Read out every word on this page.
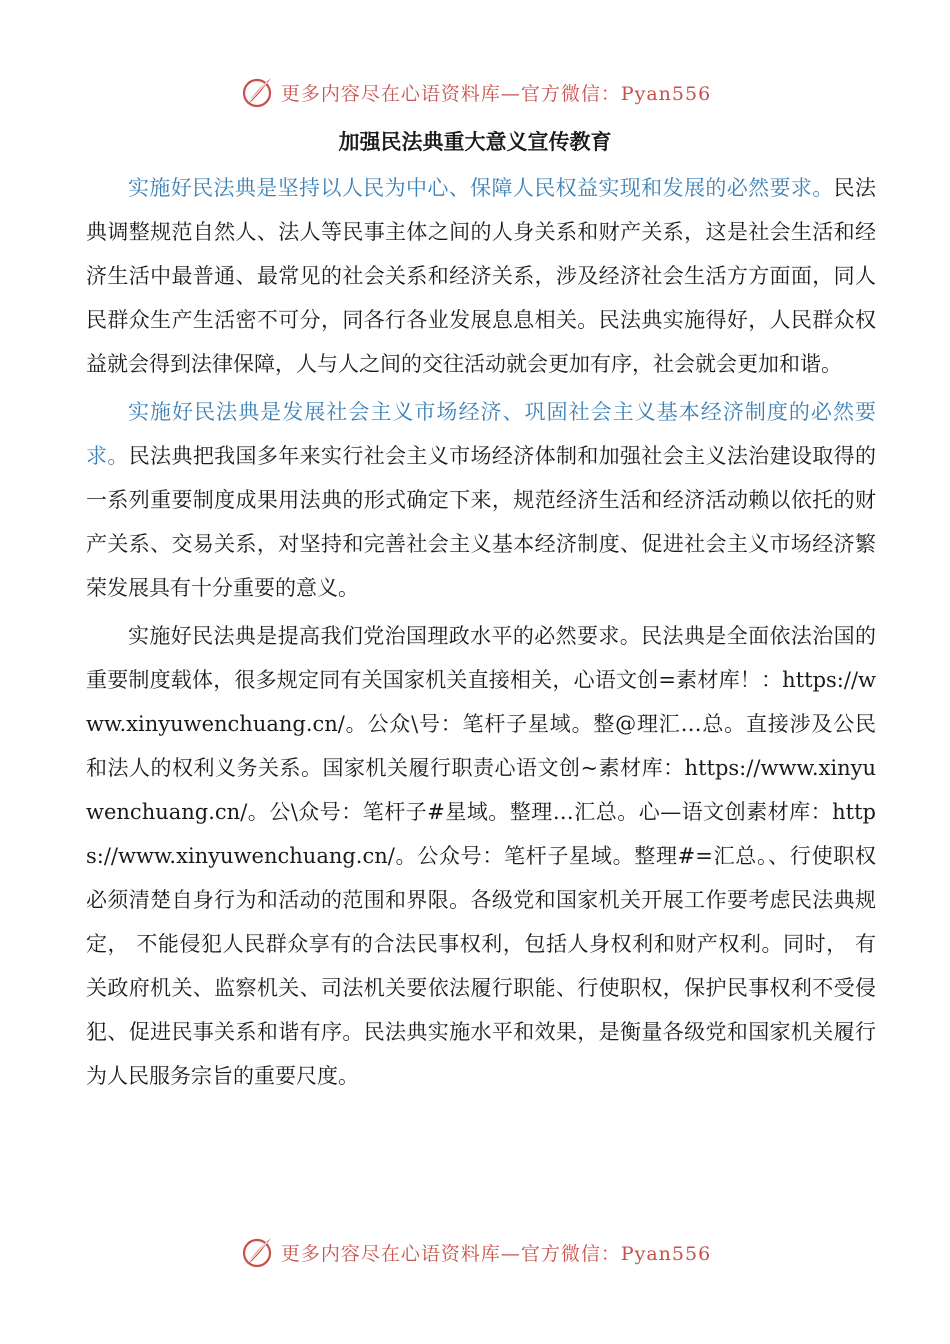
更多内容尽在心语资料库—官方微信：Pyan556
加强民法典重大意义宣传教育

实施好民法典是坚持以人民为中心、保障人民权益实现和发展的必然要求。民法典调整规范自然人、法人等民事主体之间的人身关系和财产关系，这是社会生活和经济生活中最普通、最常见的社会关系和经济关系，涉及经济社会生活方方面面，同人民群众生产生活密不可分，同各行各业发展息息相关。民法典实施得好，人民群众权益就会得到法律保障，人与人之间的交往活动就会更加有序，社会就会更加和谐。

实施好民法典是发展社会主义市场经济、巩固社会主义基本经济制度的必然要求。民法典把我国多年来实行社会主义市场经济体制和加强社会主义法治建设取得的一系列重要制度成果用法典的形式确定下来，规范经济生活和经济活动赖以依托的财产关系、交易关系，对坚持和完善社会主义基本经济制度、促进社会主义市场经济繁荣发展具有十分重要的意义。

实施好民法典是提高我们党治国理政水平的必然要求。民法典是全面依法治国的重要制度载体，很多规定同有关国家机关直接相关，心语文创=素材库！：https://www.xinyuwenchuang.cn/。公众\号：笔杆子星域。整@理汇…总。直接涉及公民和法人的权利义务关系。国家机关履行职责心语文创~素材库：https://www.xinyuwenchuang.cn/。公\众号：笔杆子#星域。整理…汇总。心—语文创素材库：https://www.xinyuwenchuang.cn/。公众号：笔杆子星域。整理#=汇总。、行使职权必须清楚自身行为和活动的范围和界限。各级党和国家机关开展工作要考虑民法典规定， 不能侵犯人民群众享有的合法民事权利，包括人身权利和财产权利。同时， 有关政府机关、监察机关、司法机关要依法履行职能、行使职权，保护民事权利不受侵犯、促进民事关系和谐有序。民法典实施水平和效果，是衡量各级党和国家机关履行为人民服务宗旨的重要尺度。

更多内容尽在心语资料库—官方微信：Pyan556
